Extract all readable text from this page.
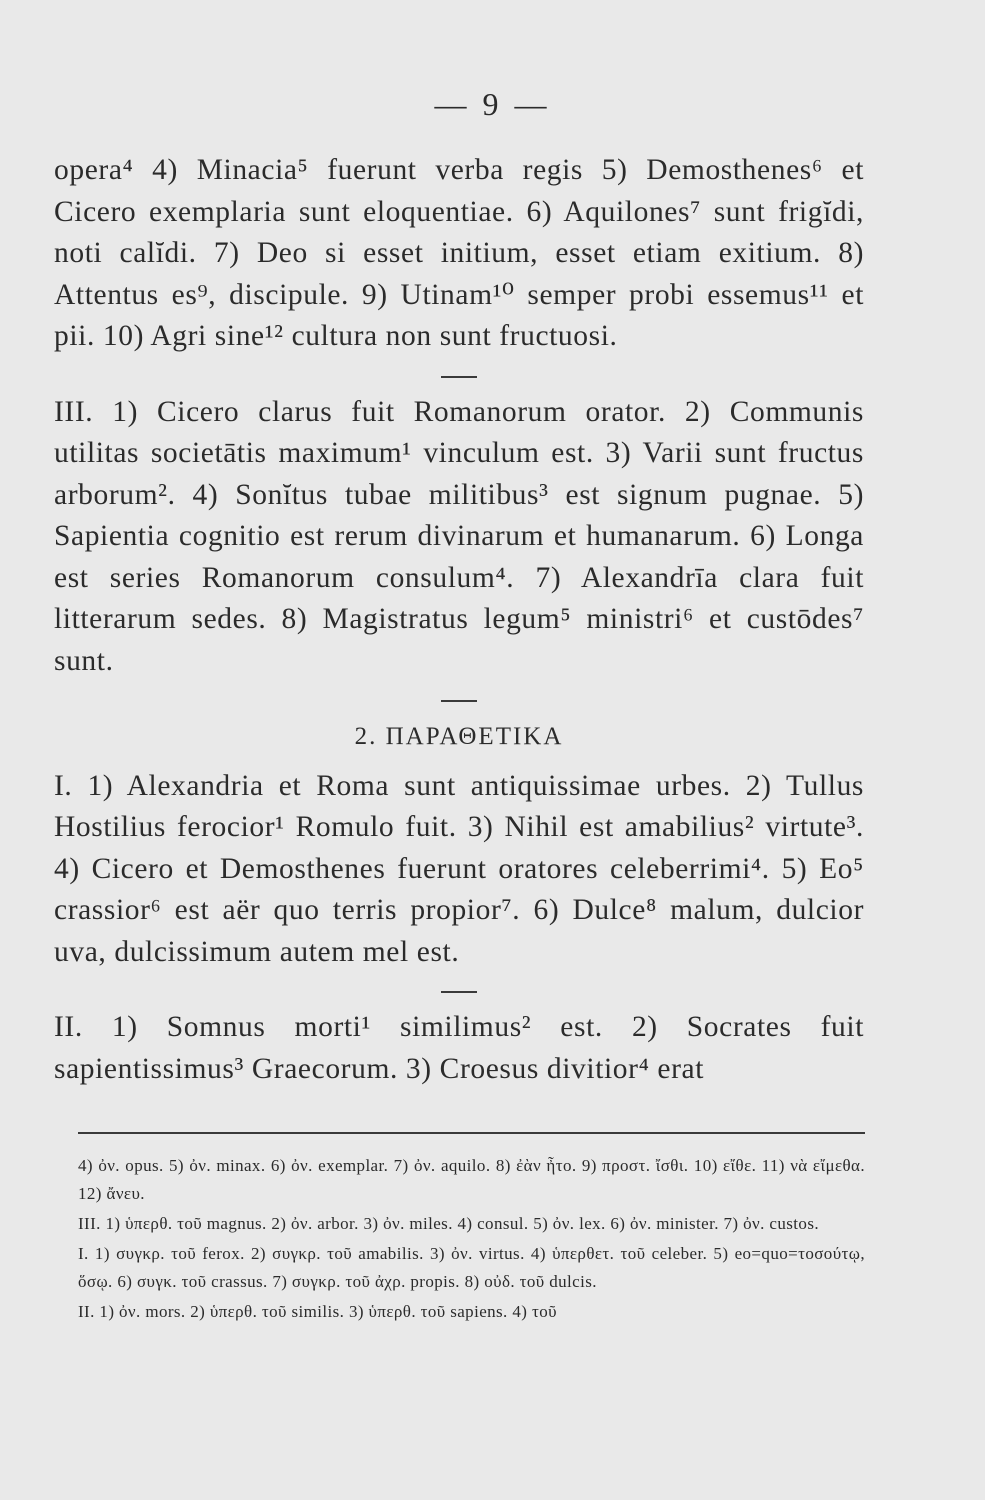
— 9 —

opera⁴ 4) Minacia⁵ fuerunt verba regis 5) Demosthenes⁶ et Cicero exemplaria sunt eloquentiae. 6) Aquilones⁷ sunt frigĭdi, noti calĭdi. 7) Deo si esset initium, esset etiam exitium. 8) Attentus es⁹, discipule. 9) Utinam¹⁰ semper probi essemus¹¹ et pii. 10) Agri sine¹² cultura non sunt fructuosi.

III. 1) Cicero clarus fuit Romanorum orator. 2) Communis utilitas societātis maximum¹ vinculum est. 3) Varii sunt fructus arborum². 4) Sonĭtus tubae militibus³ est signum pugnae. 5) Sapientia cognitio est rerum divinarum et humanarum. 6) Longa est series Romanorum consulum⁴. 7) Alexandrīa clara fuit litterarum sedes. 8) Magistratus legum⁵ ministri⁶ et custōdes⁷ sunt.

2. ΠΑΡΑΘΕΤΙΚΑ

I. 1) Alexandria et Roma sunt antiquissimae urbes. 2) Tullus Hostilius ferocior¹ Romulo fuit. 3) Nihil est amabilius² virtute³. 4) Cicero et Demosthenes fuerunt oratores celeberrimi⁴. 5) Eo⁵ crassior⁶ est aër quo terris propior⁷. 6) Dulce⁸ malum, dulcior uva, dulcissimum autem mel est.

II. 1) Somnus morti¹ similimus² est. 2) Socrates fuit sapientissimus³ Graecorum. 3) Croesus divitior⁴ erat

4) ὀν. opus. 5) ὀν. minax. 6) ὀν. exemplar. 7) ὀν. aquilo. 8) ἐὰν ἦτο. 9) προστ. ἴσθι. 10) εἴθε. 11) νὰ εἴμεθα. 12) ἄνευ.

III. 1) ὑπερθ. τοῦ magnus. 2) ὀν. arbor. 3) ὀν. miles. 4) consul. 5) ὀν. lex. 6) ὀν. minister. 7) ὀν. custos.

I. 1) συγκρ. τοῦ ferox. 2) συγκρ. τοῦ amabilis. 3) ὀν. virtus. 4) ὑπερθετ. τοῦ celeber. 5) eo=quo=τοσούτῳ, ὅσῳ. 6) συγκ. τοῦ crassus. 7) συγκρ. τοῦ ἀχρ. propis. 8) οὐδ. τοῦ dulcis.

II. 1) ὀν. mors. 2) ὑπερθ. τοῦ similis. 3) ὑπερθ. τοῦ sapiens. 4) τοῦ
